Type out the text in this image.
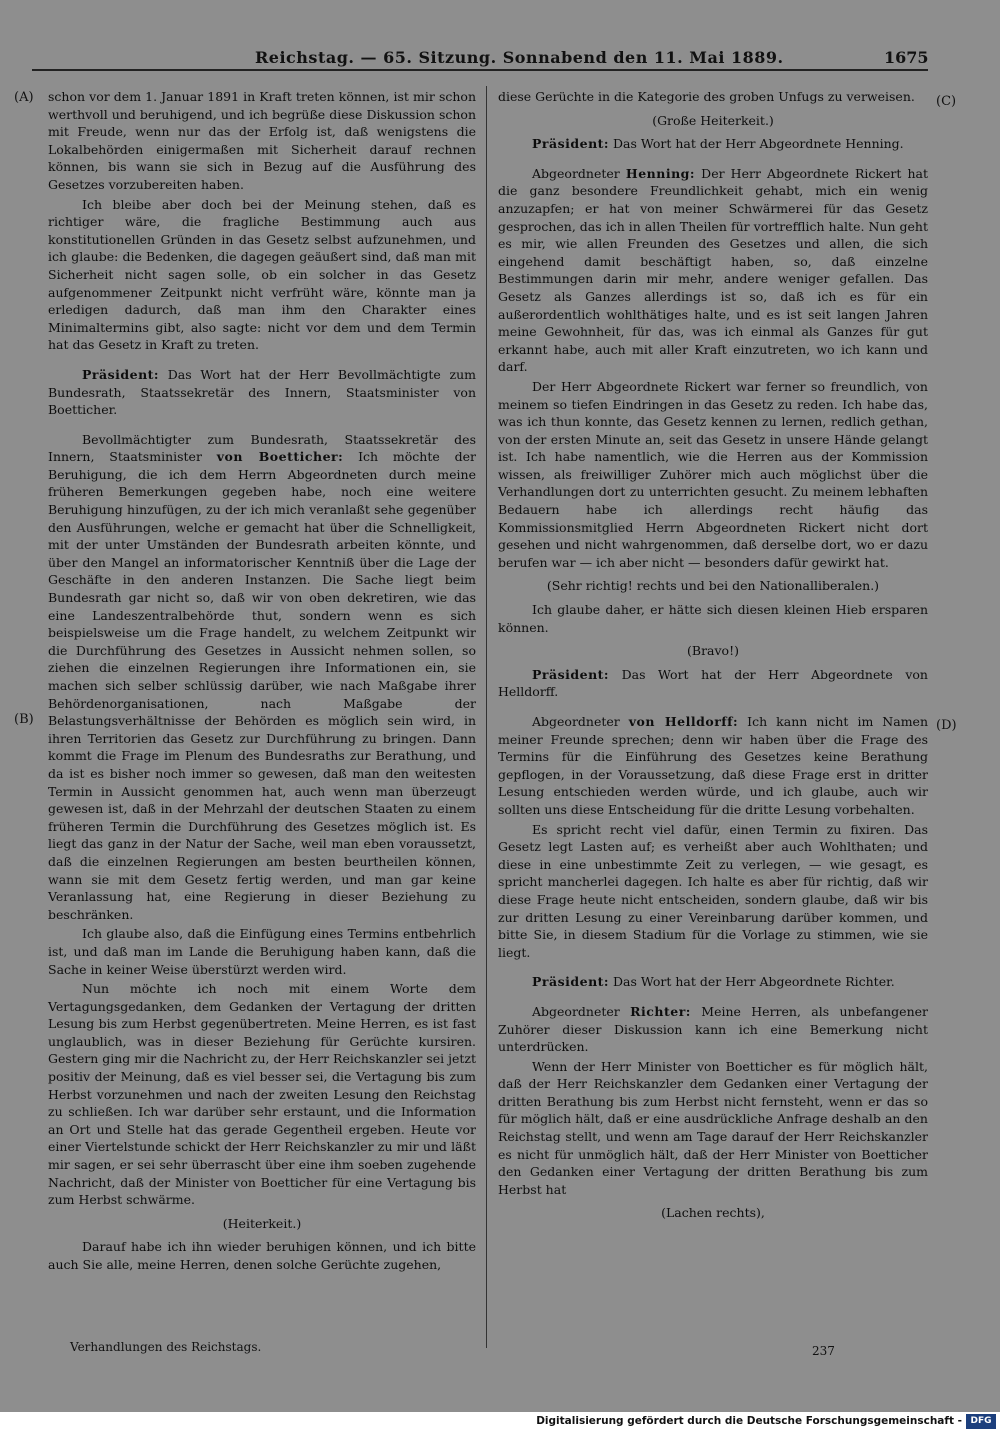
Reichstag. — 65. Sitzung. Sonnabend den 11. Mai 1889.	1675
(A)
(B)
(C)
(D)

schon vor dem 1. Januar 1891 in Kraft treten können, ist mir schon werthvoll und beruhigend, und ich begrüße diese Diskussion schon mit Freude, wenn nur das der Erfolg ist, daß wenigstens die Lokalbehörden einigermaßen mit Sicherheit darauf rechnen können, bis wann sie sich in Bezug auf die Ausführung des Gesetzes vorzubereiten haben.

Ich bleibe aber doch bei der Meinung stehen, daß es richtiger wäre, die fragliche Bestimmung auch aus konstitutionellen Gründen in das Gesetz selbst aufzunehmen, und ich glaube: die Bedenken, die dagegen geäußert sind, daß man mit Sicherheit nicht sagen solle, ob ein solcher in das Gesetz aufgenommener Zeitpunkt nicht verfrüht wäre, könnte man ja erledigen dadurch, daß man ihm den Charakter eines Minimaltermins gibt, also sagte: nicht vor dem und dem Termin hat das Gesetz in Kraft zu treten.

Präsident: Das Wort hat der Herr Bevollmächtigte zum Bundesrath, Staatssekretär des Innern, Staatsminister von Boetticher.

Bevollmächtigter zum Bundesrath, Staatssekretär des Innern, Staatsminister von Boetticher: Ich möchte der Beruhigung, die ich dem Herrn Abgeordneten durch meine früheren Bemerkungen gegeben habe, noch eine weitere Beruhigung hinzufügen, zu der ich mich veranlaßt sehe gegenüber den Ausführungen, welche er gemacht hat über die Schnelligkeit, mit der unter Umständen der Bundesrath arbeiten könnte, und über den Mangel an informatorischer Kenntniß über die Lage der Geschäfte in den anderen Instanzen. Die Sache liegt beim Bundesrath gar nicht so, daß wir von oben dekretiren, wie das eine Landeszentralbehörde thut, sondern wenn es sich beispielsweise um die Frage handelt, zu welchem Zeitpunkt wir die Durchführung des Gesetzes in Aussicht nehmen sollen, so ziehen die einzelnen Regierungen ihre Informationen ein, sie machen sich selber schlüssig darüber, wie nach Maßgabe ihrer Behördenorganisationen, nach Maßgabe der Belastungsverhältnisse der Behörden es möglich sein wird, in ihren Territorien das Gesetz zur Durchführung zu bringen. Dann kommt die Frage im Plenum des Bundesraths zur Berathung, und da ist es bisher noch immer so gewesen, daß man den weitesten Termin in Aussicht genommen hat, auch wenn man überzeugt gewesen ist, daß in der Mehrzahl der deutschen Staaten zu einem früheren Termin die Durchführung des Gesetzes möglich ist. Es liegt das ganz in der Natur der Sache, weil man eben voraussetzt, daß die einzelnen Regierungen am besten beurtheilen können, wann sie mit dem Gesetz fertig werden, und man gar keine Veranlassung hat, eine Regierung in dieser Beziehung zu beschränken.

Ich glaube also, daß die Einfügung eines Termins entbehrlich ist, und daß man im Lande die Beruhigung haben kann, daß die Sache in keiner Weise überstürzt werden wird.

Nun möchte ich noch mit einem Worte dem Vertagungsgedanken, dem Gedanken der Vertagung der dritten Lesung bis zum Herbst gegenübertreten. Meine Herren, es ist fast unglaublich, was in dieser Beziehung für Gerüchte kursiren. Gestern ging mir die Nachricht zu, der Herr Reichskanzler sei jetzt positiv der Meinung, daß es viel besser sei, die Vertagung bis zum Herbst vorzunehmen und nach der zweiten Lesung den Reichstag zu schließen. Ich war darüber sehr erstaunt, und die Information an Ort und Stelle hat das gerade Gegentheil ergeben. Heute vor einer Viertelstunde schickt der Herr Reichskanzler zu mir und läßt mir sagen, er sei sehr überrascht über eine ihm soeben zugehende Nachricht, daß der Minister von Boetticher für eine Vertagung bis zum Herbst schwärme.

(Heiterkeit.)

Darauf habe ich ihn wieder beruhigen können, und ich bitte auch Sie alle, meine Herren, denen solche Gerüchte zugehen,

diese Gerüchte in die Kategorie des groben Unfugs zu verweisen.

(Große Heiterkeit.)

Präsident: Das Wort hat der Herr Abgeordnete Henning.

Abgeordneter Henning: Der Herr Abgeordnete Rickert hat die ganz besondere Freundlichkeit gehabt, mich ein wenig anzuzapfen; er hat von meiner Schwärmerei für das Gesetz gesprochen, das ich in allen Theilen für vortrefflich halte. Nun geht es mir, wie allen Freunden des Gesetzes und allen, die sich eingehend damit beschäftigt haben, so, daß einzelne Bestimmungen darin mir mehr, andere weniger gefallen. Das Gesetz als Ganzes allerdings ist so, daß ich es für ein außerordentlich wohlthätiges halte, und es ist seit langen Jahren meine Gewohnheit, für das, was ich einmal als Ganzes für gut erkannt habe, auch mit aller Kraft einzutreten, wo ich kann und darf.

Der Herr Abgeordnete Rickert war ferner so freundlich, von meinem so tiefen Eindringen in das Gesetz zu reden. Ich habe das, was ich thun konnte, das Gesetz kennen zu lernen, redlich gethan, von der ersten Minute an, seit das Gesetz in unsere Hände gelangt ist. Ich habe namentlich, wie die Herren aus der Kommission wissen, als freiwilliger Zuhörer mich auch möglichst über die Verhandlungen dort zu unterrichten gesucht. Zu meinem lebhaften Bedauern habe ich allerdings recht häufig das Kommissionsmitglied Herrn Abgeordneten Rickert nicht dort gesehen und nicht wahrgenommen, daß derselbe dort, wo er dazu berufen war — ich aber nicht — besonders dafür gewirkt hat.

(Sehr richtig! rechts und bei den Nationalliberalen.)

Ich glaube daher, er hätte sich diesen kleinen Hieb ersparen können.

(Bravo!)

Präsident: Das Wort hat der Herr Abgeordnete von Helldorff.

Abgeordneter von Helldorff: Ich kann nicht im Namen meiner Freunde sprechen; denn wir haben über die Frage des Termins für die Einführung des Gesetzes keine Berathung gepflogen, in der Voraussetzung, daß diese Frage erst in dritter Lesung entschieden werden würde, und ich glaube, auch wir sollten uns diese Entscheidung für die dritte Lesung vorbehalten.

Es spricht recht viel dafür, einen Termin zu fixiren. Das Gesetz legt Lasten auf; es verheißt aber auch Wohlthaten; und diese in eine unbestimmte Zeit zu verlegen, — wie gesagt, es spricht mancherlei dagegen. Ich halte es aber für richtig, daß wir diese Frage heute nicht entscheiden, sondern glaube, daß wir bis zur dritten Lesung zu einer Vereinbarung darüber kommen, und bitte Sie, in diesem Stadium für die Vorlage zu stimmen, wie sie liegt.

Präsident: Das Wort hat der Herr Abgeordnete Richter.

Abgeordneter Richter: Meine Herren, als unbefangener Zuhörer dieser Diskussion kann ich eine Bemerkung nicht unterdrücken.

Wenn der Herr Minister von Boetticher es für möglich hält, daß der Herr Reichskanzler dem Gedanken einer Vertagung der dritten Berathung bis zum Herbst nicht fernsteht, wenn er das so für möglich hält, daß er eine ausdrückliche Anfrage deshalb an den Reichstag stellt, und wenn am Tage darauf der Herr Reichskanzler es nicht für unmöglich hält, daß der Herr Minister von Boetticher den Gedanken einer Vertagung der dritten Berathung bis zum Herbst hat

(Lachen rechts),

Verhandlungen des Reichstags.	237
Digitalisierung gefördert durch die Deutsche Forschungsgemeinschaft - DFG
